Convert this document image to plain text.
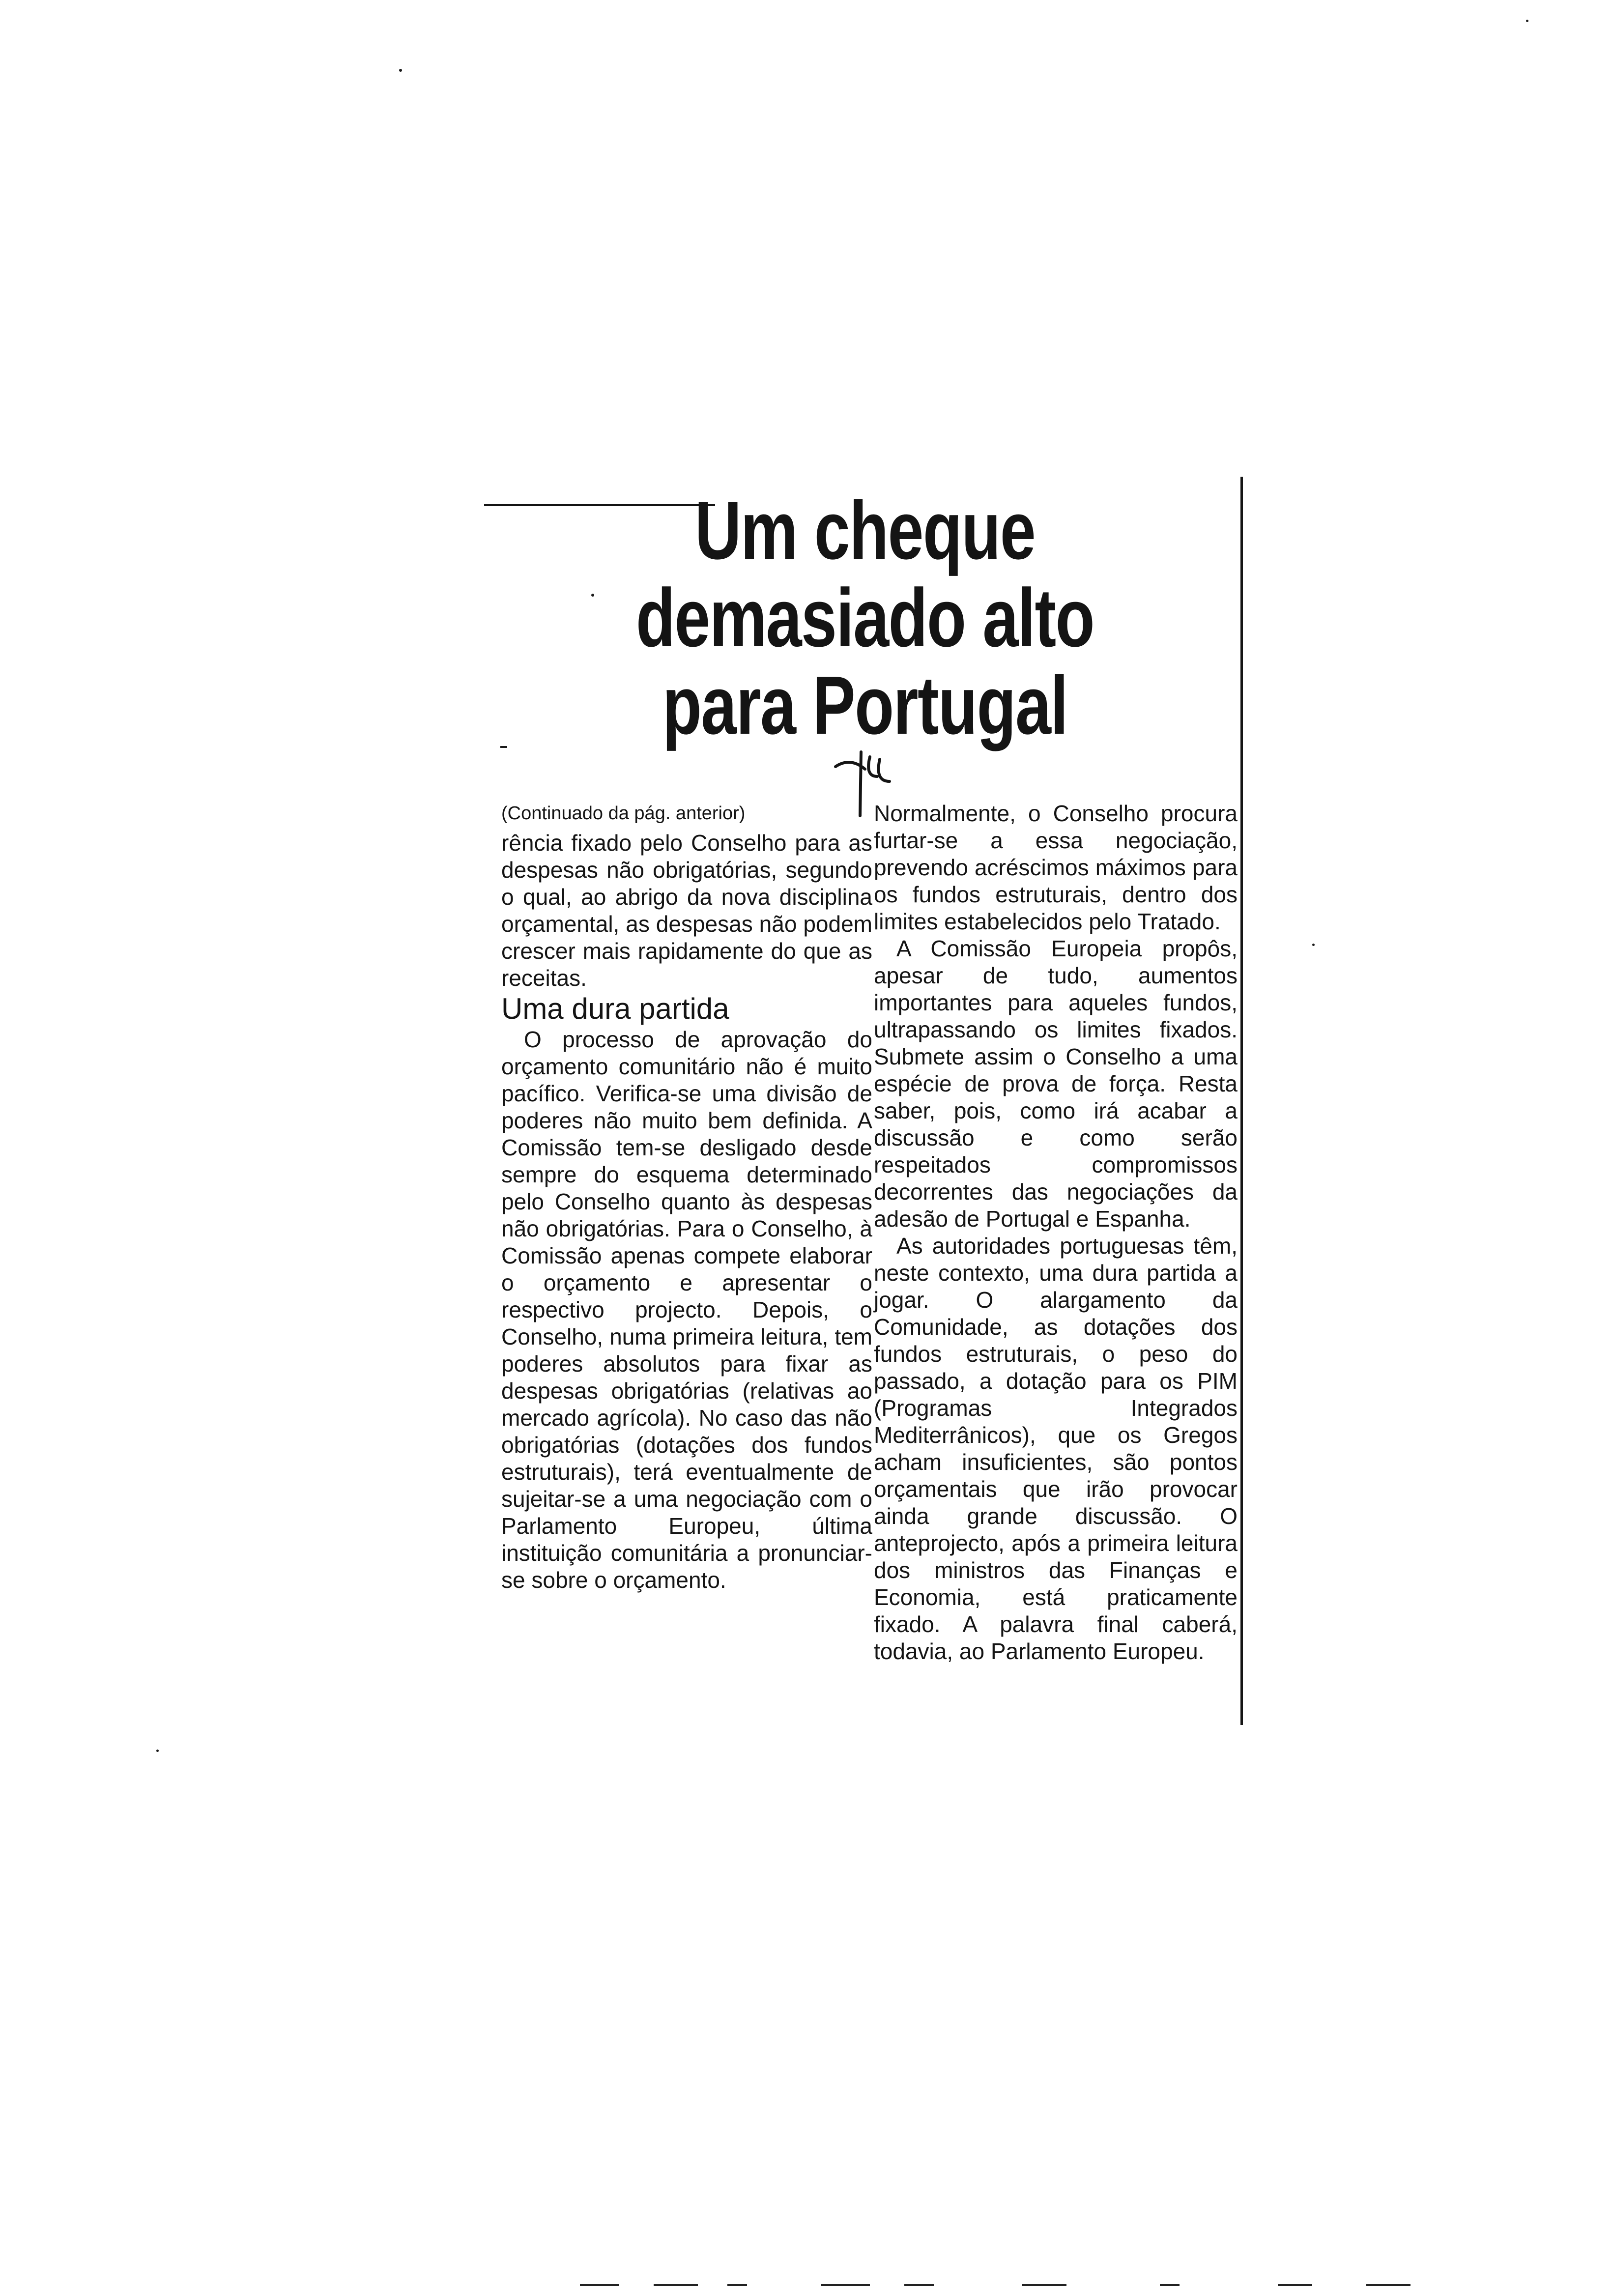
Um cheque
demasiado alto
para Portugal

(Continuado da pág. anterior)

rência fixado pelo Conselho para as despesas não obrigatórias, segundo o qual, ao abrigo da nova disciplina orçamental, as despesas não podem crescer mais rapidamente do que as receitas.

Uma dura partida

O processo de aprovação do orçamento comunitário não é muito pacífico. Verifica-se uma divisão de poderes não muito bem definida. A Comissão tem-se desligado desde sempre do esquema determinado pelo Conselho quanto às despesas não obrigatórias. Para o Conselho, à Comissão apenas compete elaborar o orçamento e apresentar o respectivo projecto. Depois, o Conselho, numa primeira leitura, tem poderes absolutos para fixar as despesas obrigatórias (relativas ao mercado agrícola). No caso das não obrigatórias (dotações dos fundos estruturais), terá eventualmente de sujeitar-se a uma negociação com o Parlamento Europeu, última instituição comunitária a pronunciar-se sobre o orçamento.

Normalmente, o Conselho procura furtar-se a essa negociação, prevendo acréscimos máximos para os fundos estruturais, dentro dos limites estabelecidos pelo Tratado.

A Comissão Europeia propôs, apesar de tudo, aumentos importantes para aqueles fundos, ultrapassando os limites fixados. Submete assim o Conselho a uma espécie de prova de força. Resta saber, pois, como irá acabar a discussão e como serão respeitados compromissos decorrentes das negociações da adesão de Portugal e Espanha.

As autoridades portuguesas têm, neste contexto, uma dura partida a jogar. O alargamento da Comunidade, as dotações dos fundos estruturais, o peso do passado, a dotação para os PIM (Programas Integrados Mediterrânicos), que os Gregos acham insuficientes, são pontos orçamentais que irão provocar ainda grande discussão. O anteprojecto, após a primeira leitura dos ministros das Finanças e Economia, está praticamente fixado. A palavra final caberá, todavia, ao Parlamento Europeu.
